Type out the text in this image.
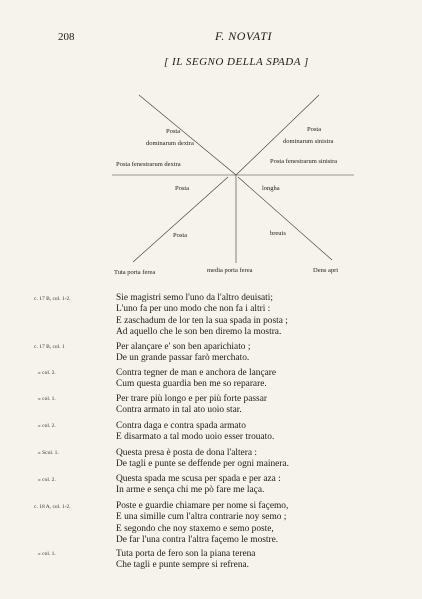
208	F. NOVATI
[ IL SEGNO DELLA SPADA ]
Posta
dominarum dextra
Posta
dominarum sinistra
Posta fenestrarum dextra	Posta fenestrarum sinistra
Posta	longha
Posta	breuis
Tuta porta ferea	media porta ferea	Dens apri
c. 17 B, col. 1-2.	Sie magistri semo l'uno da l'altro deuisati;
L'uno fa per uno modo che non fa i altri :
E zaschadum de lor ten la sua spada in posta ;
Ad aquello che le son ben diremo la mostra.
c. 17 B, col. 1	Per alançare e' son ben aparichiato ;
De un grande passar farò merchato.
» col. 2.	Contra tegner de man e anchora de lançare
Cum questa guardia ben me so reparare.
» col. 1.	Per trare più longo e per più forte passar
Contra armato in tal ato uoio star.
» col. 2.	Contra daga e contra spada armato
E disarmato a tal modo uoio esser trouato.
» Scol. 1.	Questa presa è posta de dona l'altera :
De tagli e punte se deffende per ogni mainera.
» col. 2.	Questa spada me scusa per spada e per aza :
In arme e sença chi me pò fare me laça.
c. 18 A, col. 1-2.	Poste e guardie chiamare per nome si façemo,
E una simille cum l'altra contrarie noy semo ;
E segondo che noy staxemo e semo poste,
De far l'una contra l'altra façemo le mostre.
» col. 1.	Tuta porta de fero son la piana terena
Che tagli e punte sempre si refrena.
